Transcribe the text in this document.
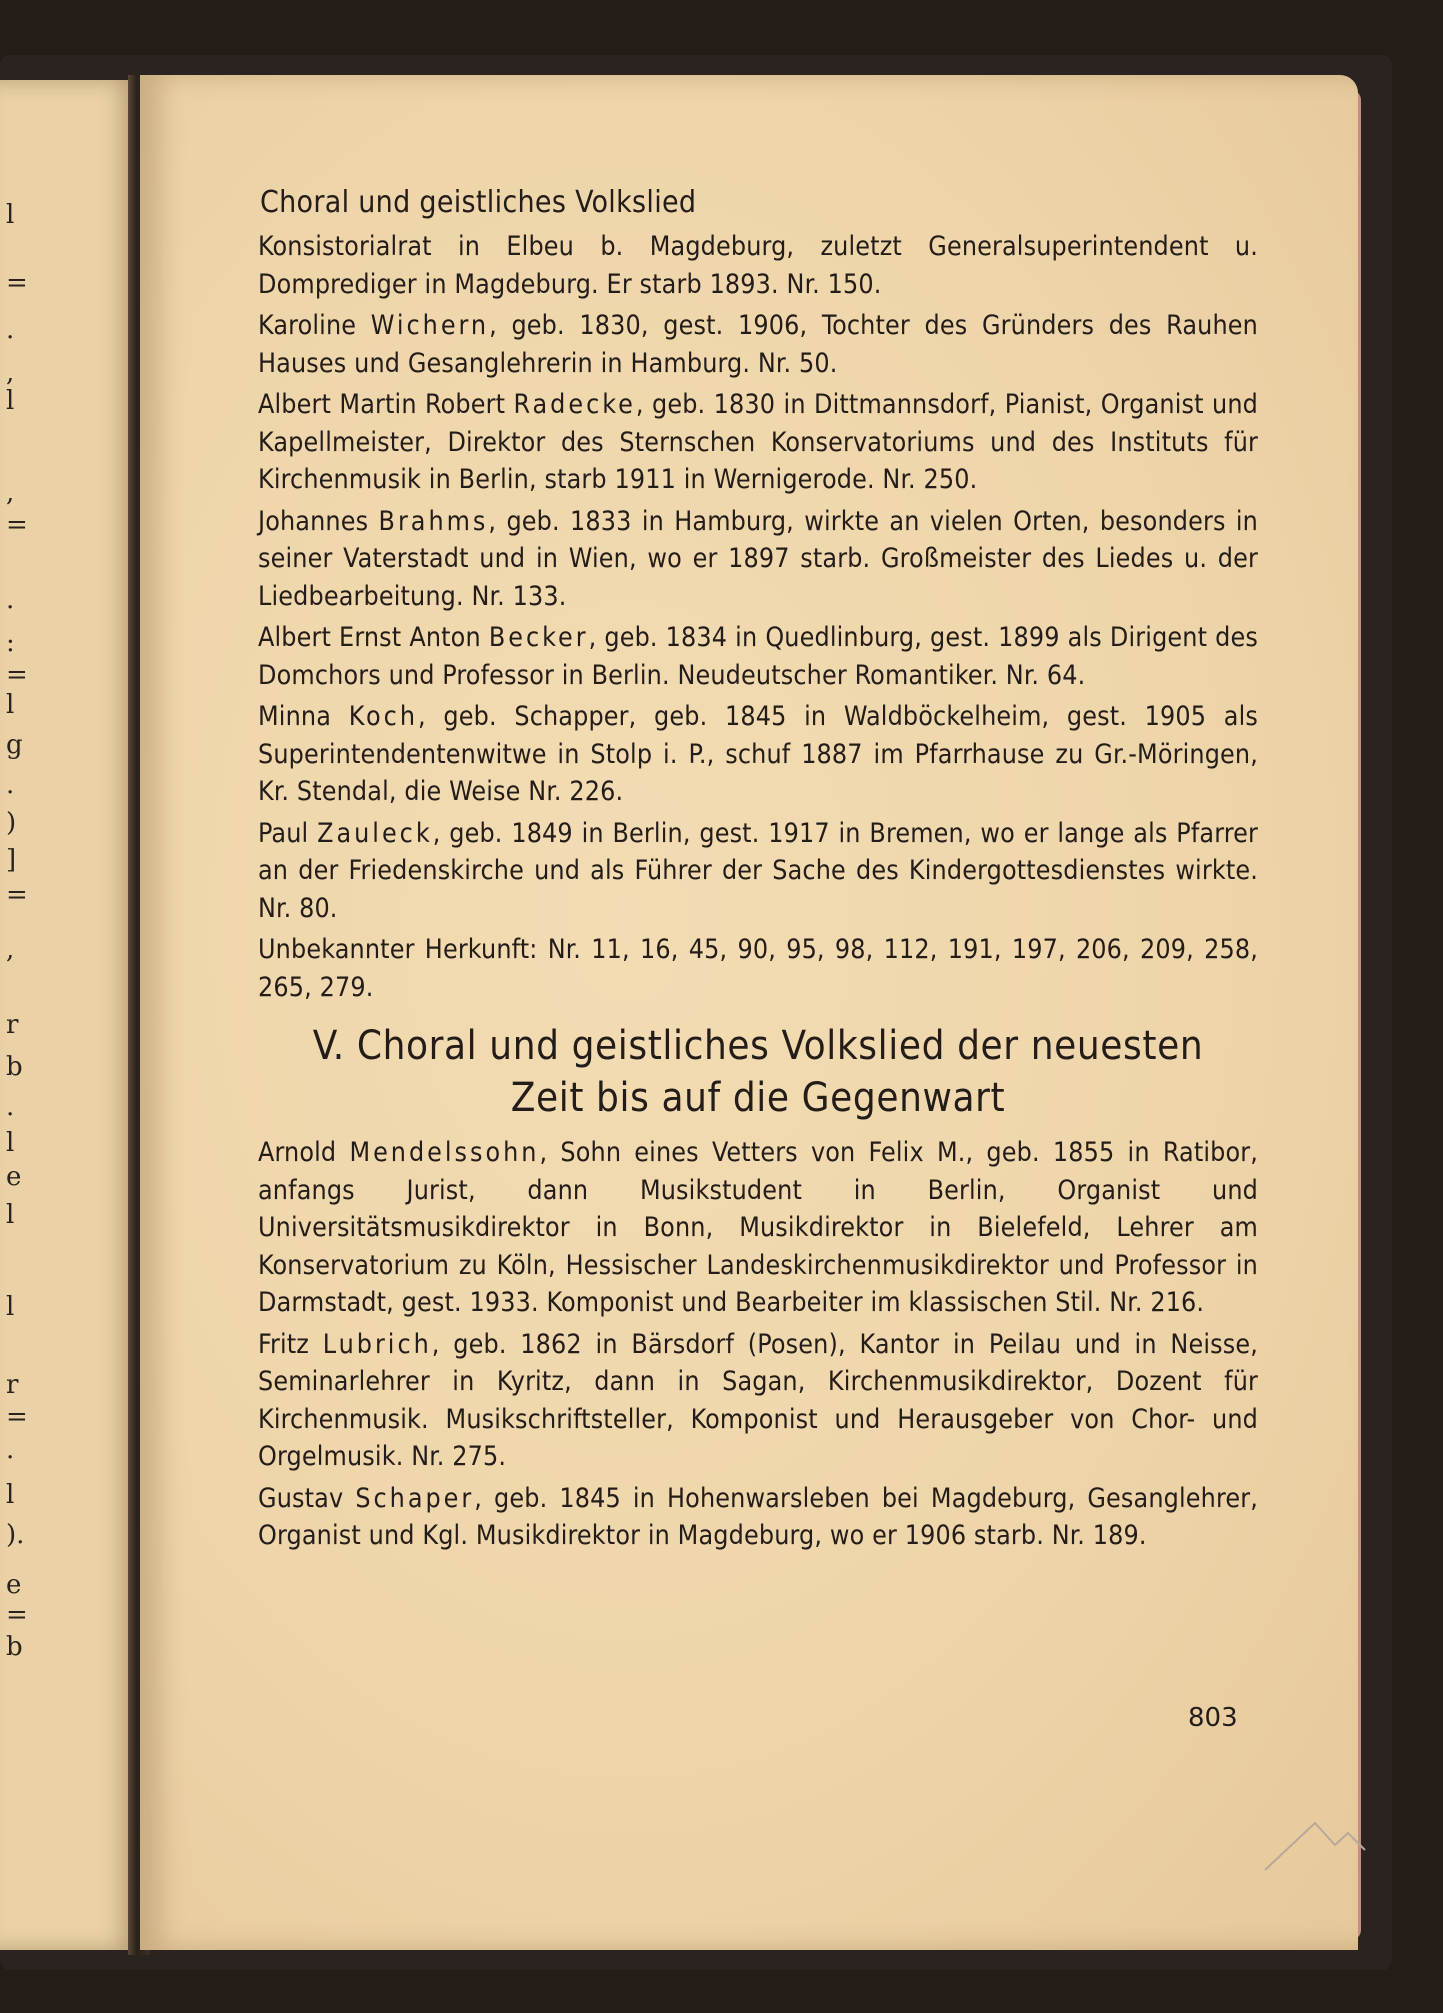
l
=
.
,
l
,
=
.
:
=
l
g
.
)
]
=
,
r
b
.
l
e
l
l
r
=
.
l
).
e
=
b
Choral und geistliches Volkslied

Konsistorialrat in Elbeu b. Magdeburg, zuletzt Generalsuperintendent u. Domprediger in Magdeburg. Er starb 1893. Nr. 150.

Karoline Wichern, geb. 1830, gest. 1906, Tochter des Gründers des Rauhen Hauses und Gesanglehrerin in Hamburg. Nr. 50.

Albert Martin Robert Radecke, geb. 1830 in Dittmannsdorf, Pianist, Organist und Kapellmeister, Direktor des Sternschen Konservatoriums und des Instituts für Kirchenmusik in Berlin, starb 1911 in Wernigerode. Nr. 250.

Johannes Brahms, geb. 1833 in Hamburg, wirkte an vielen Orten, besonders in seiner Vaterstadt und in Wien, wo er 1897 starb. Großmeister des Liedes u. der Liedbearbeitung. Nr. 133.

Albert Ernst Anton Becker, geb. 1834 in Quedlinburg, gest. 1899 als Dirigent des Domchors und Professor in Berlin. Neudeutscher Romantiker. Nr. 64.

Minna Koch, geb. Schapper, geb. 1845 in Waldböckelheim, gest. 1905 als Superintendentenwitwe in Stolp i. P., schuf 1887 im Pfarrhause zu Gr.-Möringen, Kr. Stendal, die Weise Nr. 226.

Paul Zauleck, geb. 1849 in Berlin, gest. 1917 in Bremen, wo er lange als Pfarrer an der Friedenskirche und als Führer der Sache des Kindergottesdienstes wirkte. Nr. 80.

Unbekannter Herkunft: Nr. 11, 16, 45, 90, 95, 98, 112, 191, 197, 206, 209, 258, 265, 279.

V. Choral und geistliches Volkslied der neuesten
Zeit bis auf die Gegenwart

Arnold Mendelssohn, Sohn eines Vetters von Felix M., geb. 1855 in Ratibor, anfangs Jurist, dann Musikstudent in Berlin, Organist und Universitätsmusikdirektor in Bonn, Musikdirektor in Bielefeld, Lehrer am Konservatorium zu Köln, Hessischer Landeskirchenmusikdirektor und Professor in Darmstadt, gest. 1933. Komponist und Bearbeiter im klassischen Stil. Nr. 216.

Fritz Lubrich, geb. 1862 in Bärsdorf (Posen), Kantor in Peilau und in Neisse, Seminarlehrer in Kyritz, dann in Sagan, Kirchenmusikdirektor, Dozent für Kirchenmusik. Musikschriftsteller, Komponist und Herausgeber von Chor- und Orgelmusik. Nr. 275.

Gustav Schaper, geb. 1845 in Hohenwarsleben bei Magdeburg, Gesanglehrer, Organist und Kgl. Musikdirektor in Magdeburg, wo er 1906 starb. Nr. 189.

803
